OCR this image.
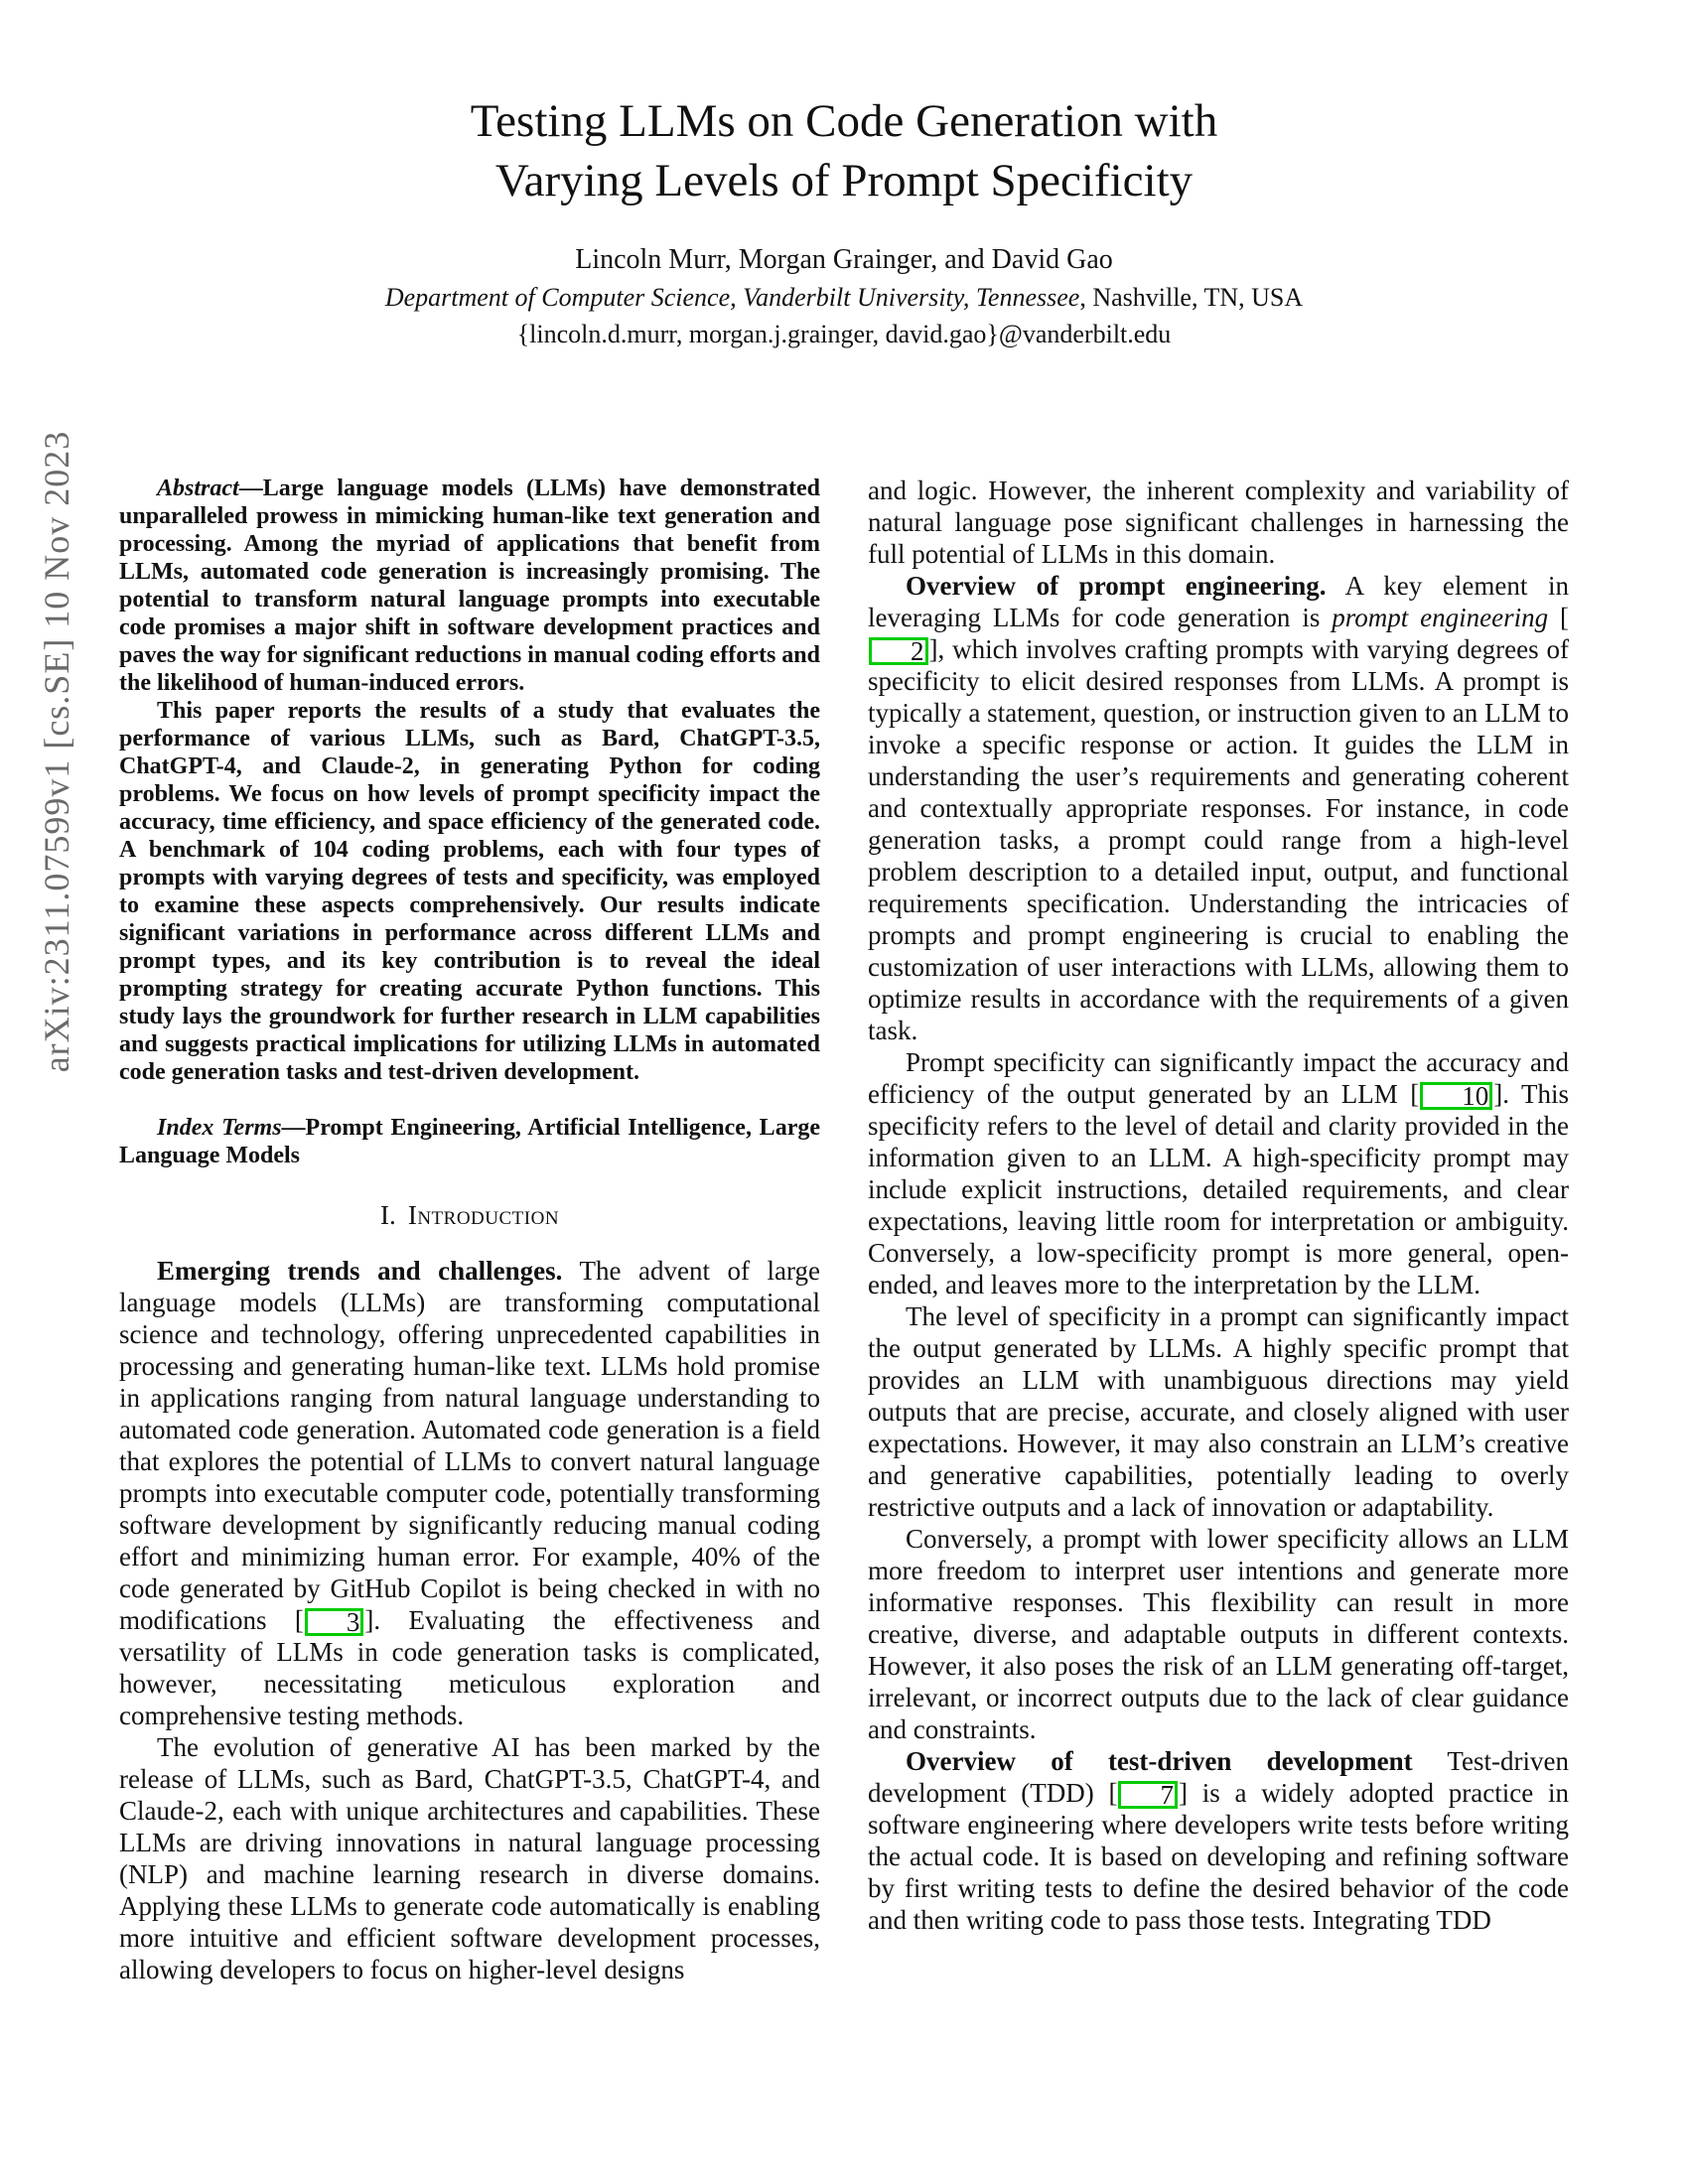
arXiv:2311.07599v1 [cs.SE] 10 Nov 2023
Testing LLMs on Code Generation with
Varying Levels of Prompt Specificity
Lincoln Murr, Morgan Grainger, and David Gao
Department of Computer Science, Vanderbilt University, Tennessee, Nashville, TN, USA
{lincoln.d.murr, morgan.j.grainger, david.gao}@vanderbilt.edu

Abstract—Large language models (LLMs) have demonstrated unparalleled prowess in mimicking human-like text generation and processing. Among the myriad of applications that benefit from LLMs, automated code generation is increasingly promising. The potential to transform natural language prompts into executable code promises a major shift in software development practices and paves the way for significant reductions in manual coding efforts and the likelihood of human-induced errors.

This paper reports the results of a study that evaluates the performance of various LLMs, such as Bard, ChatGPT-3.5, ChatGPT-4, and Claude-2, in generating Python for coding problems. We focus on how levels of prompt specificity impact the accuracy, time efficiency, and space efficiency of the generated code. A benchmark of 104 coding problems, each with four types of prompts with varying degrees of tests and specificity, was employed to examine these aspects comprehensively. Our results indicate significant variations in performance across different LLMs and prompt types, and its key contribution is to reveal the ideal prompting strategy for creating accurate Python functions. This study lays the groundwork for further research in LLM capabilities and suggests practical implications for utilizing LLMs in automated code generation tasks and test-driven development.

Index Terms—Prompt Engineering, Artificial Intelligence, Large Language Models

I. Introduction

Emerging trends and challenges. The advent of large language models (LLMs) are transforming computational science and technology, offering unprecedented capabilities in processing and generating human-like text. LLMs hold promise in applications ranging from natural language understanding to automated code generation. Automated code generation is a field that explores the potential of LLMs to convert natural language prompts into executable computer code, potentially transforming software development by significantly reducing manual coding effort and minimizing human error. For example, 40% of the code generated by GitHub Copilot is being checked in with no modifications [ 3 ]. Evaluating the effectiveness and versatility of LLMs in code generation tasks is complicated, however, necessitating meticulous exploration and comprehensive testing methods.

The evolution of generative AI has been marked by the release of LLMs, such as Bard, ChatGPT-3.5, ChatGPT-4, and Claude-2, each with unique architectures and capabilities. These LLMs are driving innovations in natural language processing (NLP) and machine learning research in diverse domains. Applying these LLMs to generate code automatically is enabling more intuitive and efficient software development processes, allowing developers to focus on higher-level designs

and logic. However, the inherent complexity and variability of natural language pose significant challenges in harnessing the full potential of LLMs in this domain.

Overview of prompt engineering. A key element in leveraging LLMs for code generation is prompt engineering [2 ], which involves crafting prompts with varying degrees of specificity to elicit desired responses from LLMs. A prompt is typically a statement, question, or instruction given to an LLM to invoke a specific response or action. It guides the LLM in understanding the user’s requirements and generating coherent and contextually appropriate responses. For instance, in code generation tasks, a prompt could range from a high-level problem description to a detailed input, output, and functional requirements specification. Understanding the intricacies of prompts and prompt engineering is crucial to enabling the customization of user interactions with LLMs, allowing them to optimize results in accordance with the requirements of a given task.

Prompt specificity can significantly impact the accuracy and efficiency of the output generated by an LLM [ 10 ]. This specificity refers to the level of detail and clarity provided in the information given to an LLM. A high-specificity prompt may include explicit instructions, detailed requirements, and clear expectations, leaving little room for interpretation or ambiguity. Conversely, a low-specificity prompt is more general, open-ended, and leaves more to the interpretation by the LLM.

The level of specificity in a prompt can significantly impact the output generated by LLMs. A highly specific prompt that provides an LLM with unambiguous directions may yield outputs that are precise, accurate, and closely aligned with user expectations. However, it may also constrain an LLM’s creative and generative capabilities, potentially leading to overly restrictive outputs and a lack of innovation or adaptability.

Conversely, a prompt with lower specificity allows an LLM more freedom to interpret user intentions and generate more informative responses. This flexibility can result in more creative, diverse, and adaptable outputs in different contexts. However, it also poses the risk of an LLM generating off-target, irrelevant, or incorrect outputs due to the lack of clear guidance and constraints.

Overview of test-driven development Test-driven development (TDD) [ 7 ] is a widely adopted practice in software engineering where developers write tests before writing the actual code. It is based on developing and refining software by first writing tests to define the desired behavior of the code and then writing code to pass those tests. Integrating TDD
